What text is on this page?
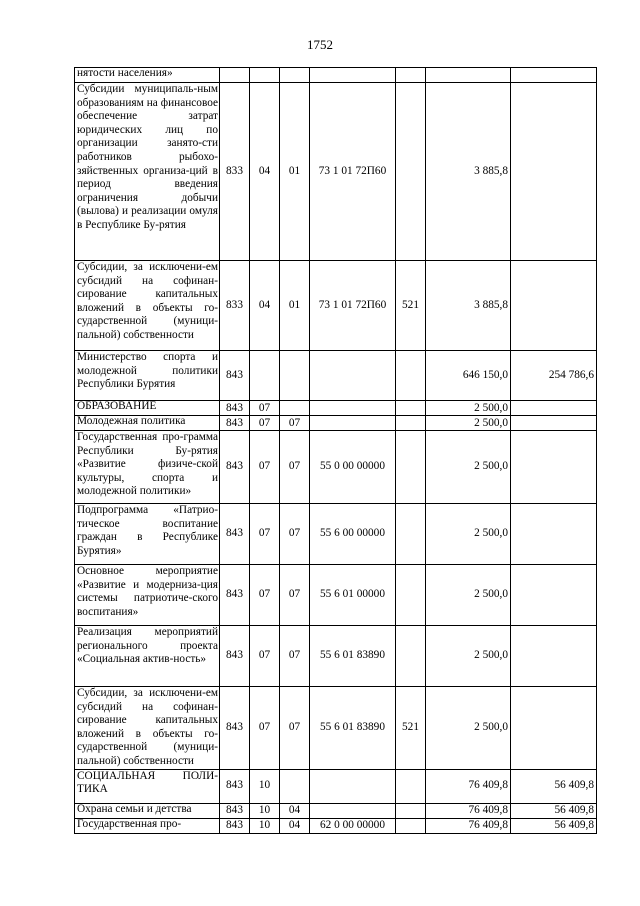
1752
нятости населения»							
Субсидии муниципаль-ным образованиям на финансовое обеспечение затрат юридических лиц по организации занято-сти работников рыбохо-зяйственных организа-ций в период введения ограничения добычи (вылова) и реализации омуля в Республике Бу-рятия	833	04	01	73 1 01 72П60		3 885,8	
Субсидии, за исключени-ем субсидий на софинан-сирование капитальных вложений в объекты го-сударственной (муници-пальной) собственности	833	04	01	73 1 01 72П60	521	3 885,8	
Министерство спорта и молодежной политики Республики Бурятия	843					646 150,0	254 786,6
ОБРАЗОВАНИЕ	843	07				2 500,0	
Молодежная политика	843	07	07			2 500,0	
Государственная про-грамма Республики Бу-рятия «Развитие физиче-ской культуры, спорта и молодежной политики»	843	07	07	55 0 00 00000		2 500,0	
Подпрограмма «Патрио-тическое воспитание граждан в Республике Бурятия»	843	07	07	55 6 00 00000		2 500,0	
Основное мероприятие «Развитие и модерниза-ция системы патриотиче-ского воспитания»	843	07	07	55 6 01 00000		2 500,0	
Реализация мероприятий регионального проекта «Социальная актив-ность»	843	07	07	55 6 01 83890		2 500,0	
Субсидии, за исключени-ем субсидий на софинан-сирование капитальных вложений в объекты го-сударственной (муници-пальной) собственности	843	07	07	55 6 01 83890	521	2 500,0	
СОЦИАЛЬНАЯ ПОЛИ-ТИКА	843	10				76 409,8	56 409,8
Охрана семьи и детства	843	10	04			76 409,8	56 409,8
Государственная про-	843	10	04	62 0 00 00000		76 409,8	56 409,8
